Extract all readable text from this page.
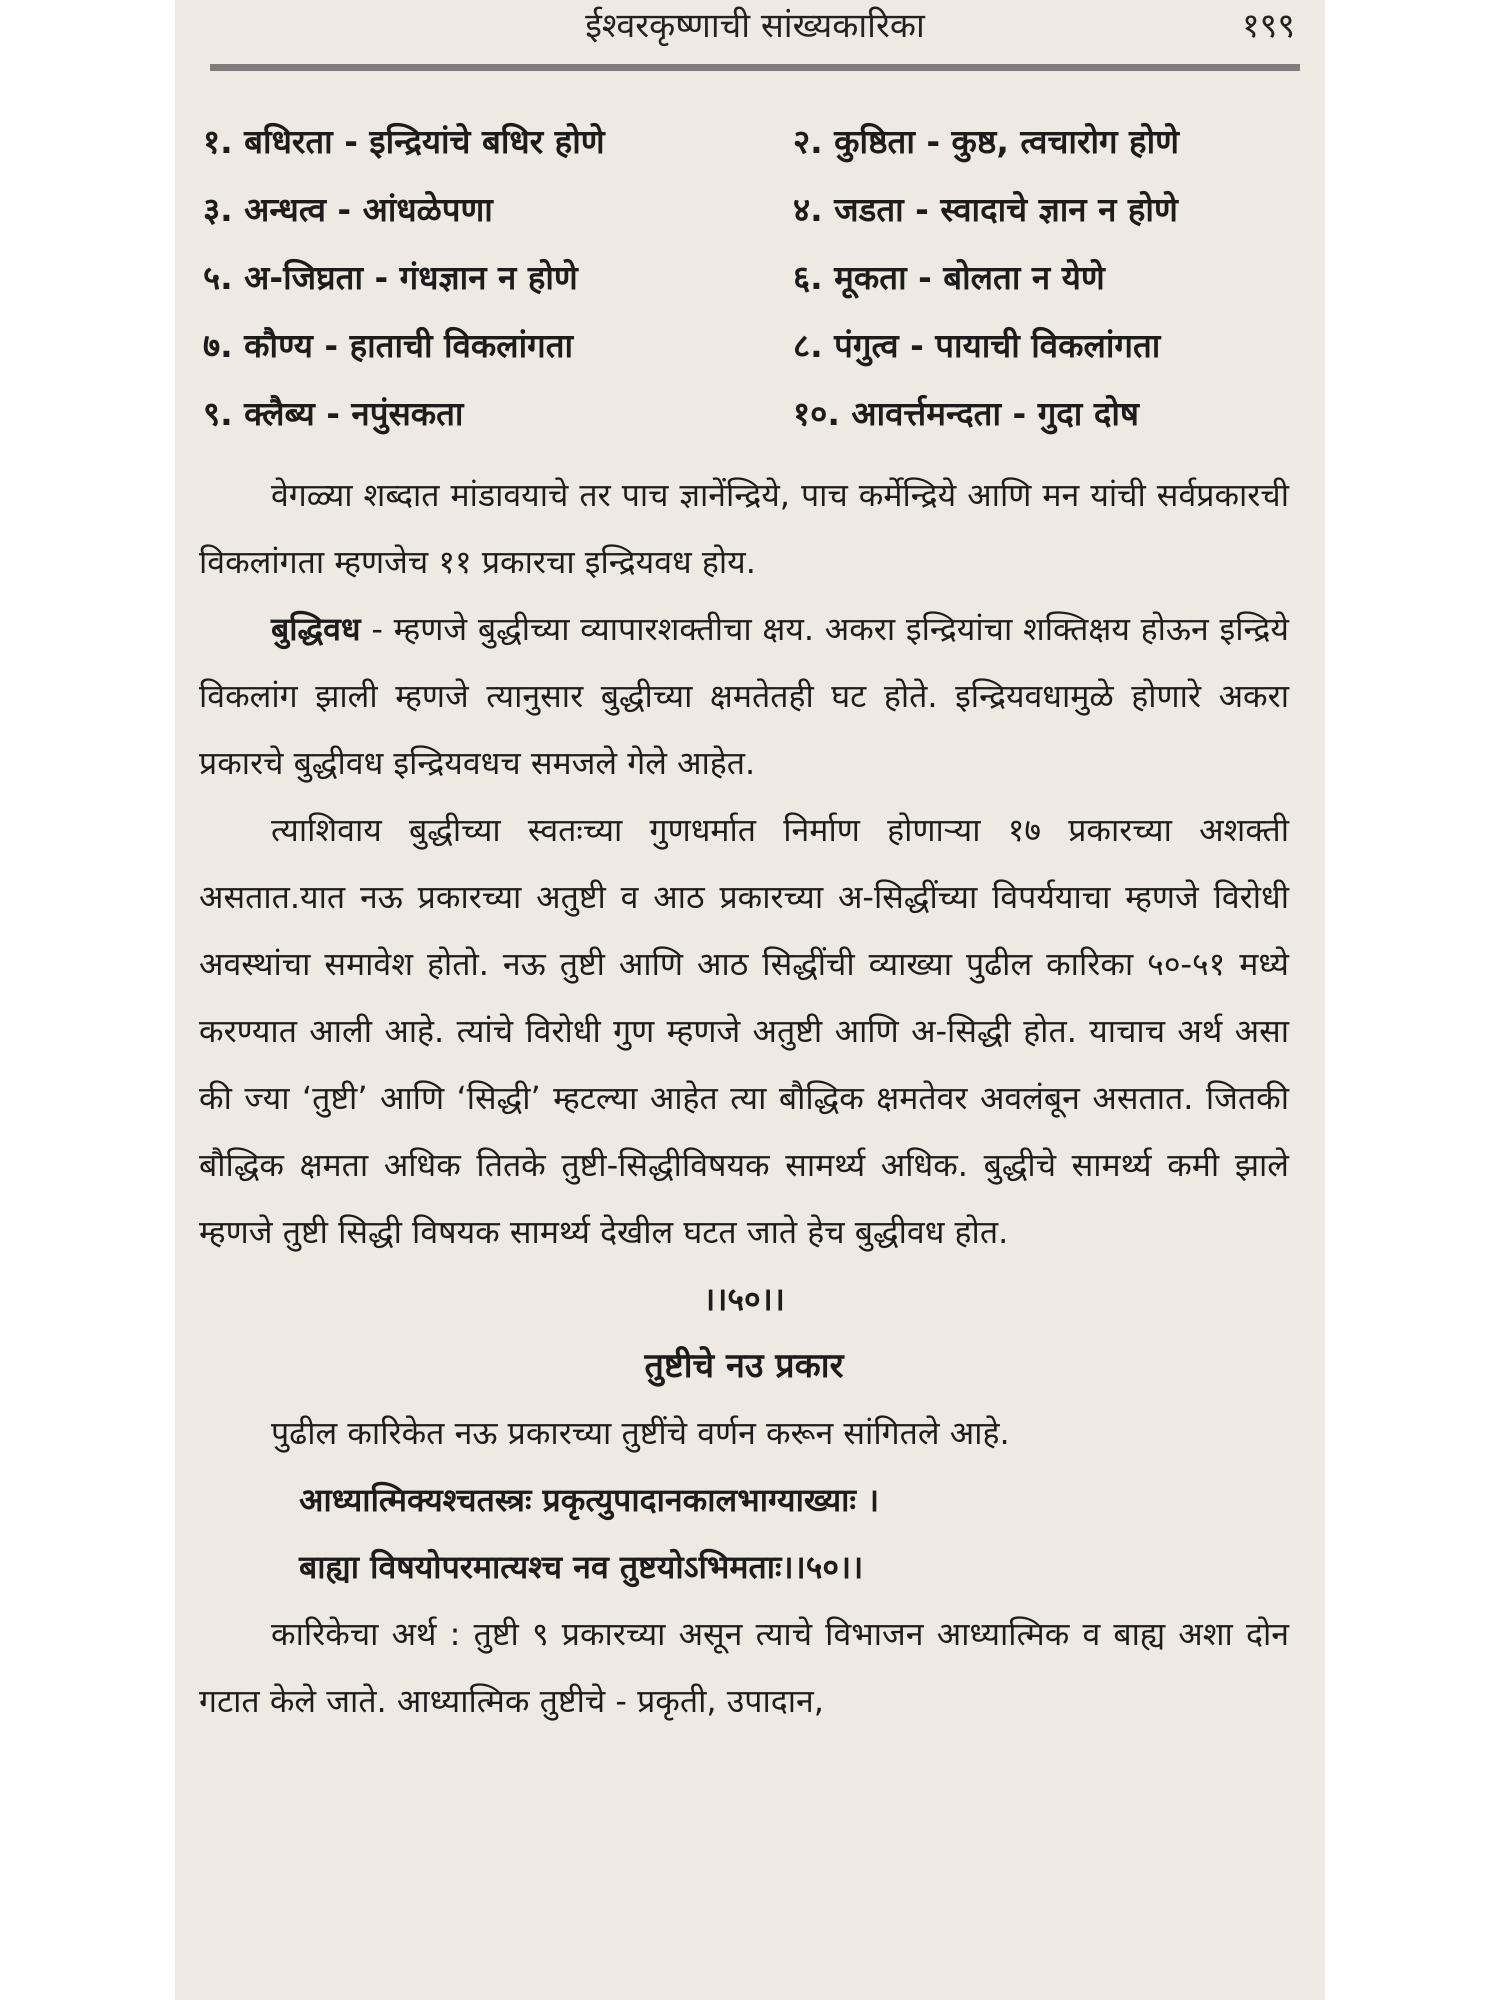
ईश्वरकृष्णाची सांख्यकारिका	१९९
१. बधिरता - इन्द्रियांचे बधिर होणे	२. कुष्ठिता - कुष्ठ, त्वचारोग होणे
३. अन्धत्व - आंधळेपणा	४. जडता - स्वादाचे ज्ञान न होणे
५. अ-जिघ्रता - गंधज्ञान न होणे	६. मूकता - बोलता न येणे
७. कौण्य - हाताची विकलांगता	८. पंगुत्व - पायाची विकलांगता
९. क्लैब्य - नपुंसकता	१०. आवर्त्तमन्दता - गुदा दोष

वेगळ्या शब्दात मांडावयाचे तर पाच ज्ञानेंन्द्रिये, पाच कर्मेन्द्रिये आणि मन यांची सर्वप्रकारची विकलांगता म्हणजेच ११ प्रकारचा इन्द्रियवध होय.

बुद्धिवध - म्हणजे बुद्धीच्या व्यापारशक्तीचा क्षय. अकरा इन्द्रियांचा शक्तिक्षय होऊन इन्द्रिये विकलांग झाली म्हणजे त्यानुसार बुद्धीच्या क्षमतेतही घट होते. इन्द्रियवधामुळे होणारे अकरा प्रकारचे बुद्धीवध इन्द्रियवधच समजले गेले आहेत.

त्याशिवाय बुद्धीच्या स्वतःच्या गुणधर्मात निर्माण होणाऱ्या १७ प्रकारच्या अशक्ती असतात.यात नऊ प्रकारच्या अतुष्टी व आठ प्रकारच्या अ-सिद्धींच्या विपर्ययाचा म्हणजे विरोधी अवस्थांचा समावेश होतो. नऊ तुष्टी आणि आठ सिद्धींची व्याख्या पुढील कारिका ५०-५१ मध्ये करण्यात आली आहे. त्यांचे विरोधी गुण म्हणजे अतुष्टी आणि अ-सिद्धी होत. याचाच अर्थ असा की ज्या ‘तुष्टी’ आणि ‘सिद्धी’ म्हटल्या आहेत त्या बौद्धिक क्षमतेवर अवलंबून असतात. जितकी बौद्धिक क्षमता अधिक तितके तुष्टी-सिद्धीविषयक सामर्थ्य अधिक. बुद्धीचे सामर्थ्य कमी झाले म्हणजे तुष्टी सिद्धी विषयक सामर्थ्य देखील घटत जाते हेच बुद्धीवध होत.

।।५०।।

तुष्टीचे नउ प्रकार

पुढील कारिकेत नऊ प्रकारच्या तुष्टींचे वर्णन करून सांगितले आहे.

आध्यात्मिक्यश्चतस्त्रः प्रकृत्युपादानकालभाग्याख्याः ।

बाह्या विषयोपरमात्यश्च नव तुष्टयोऽभिमताः।।५०।।

कारिकेचा अर्थ : तुष्टी ९ प्रकारच्या असून त्याचे विभाजन आध्यात्मिक व बाह्य अशा दोन गटात केले जाते. आध्यात्मिक तुष्टीचे - प्रकृती, उपादान,
